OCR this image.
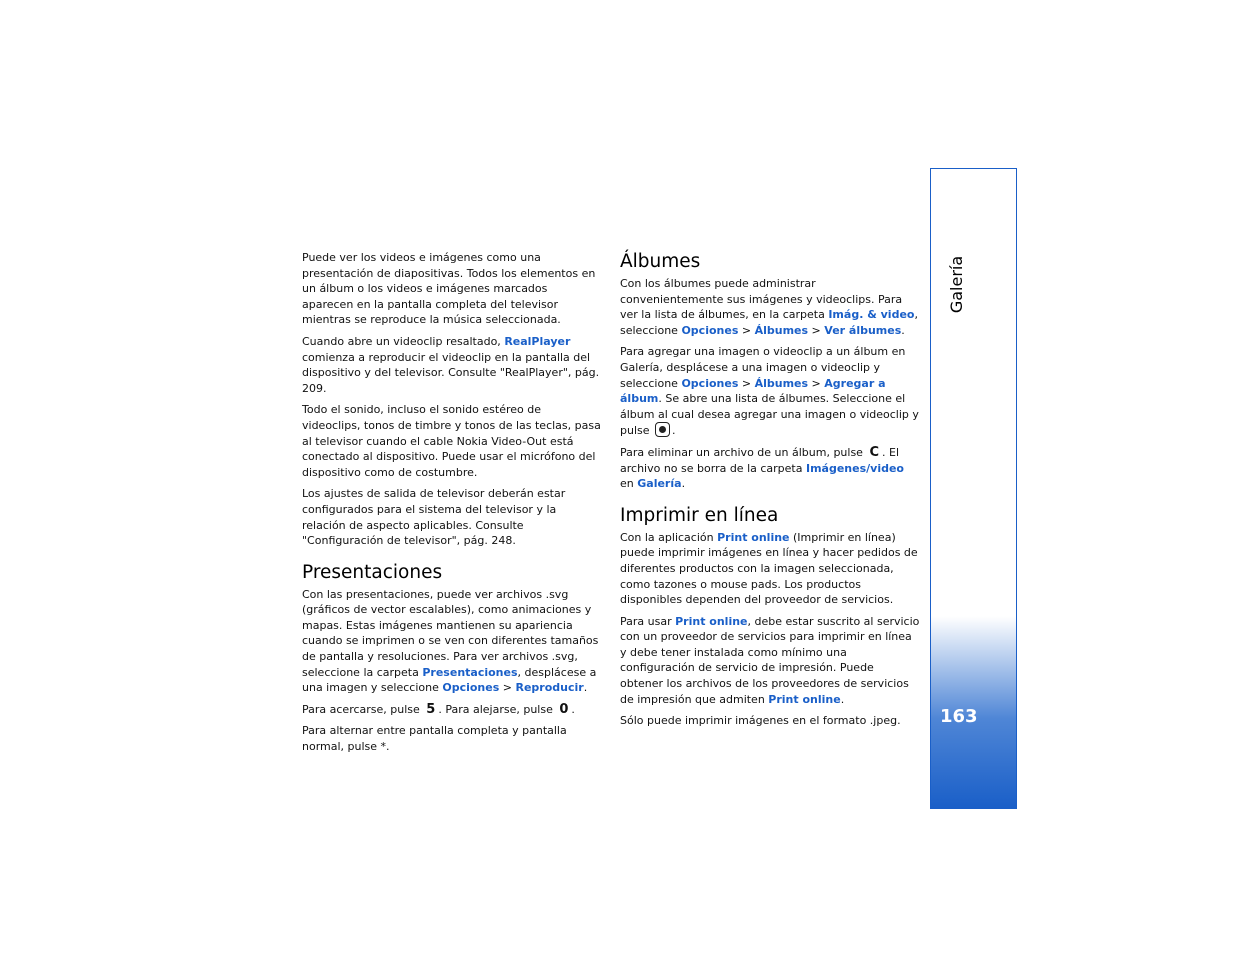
Galería
163

Puede ver los videos e imágenes como una presentación de diapositivas. Todos los elementos en un álbum o los videos e imágenes marcados aparecen en la pantalla completa del televisor mientras se reproduce la música seleccionada.

Cuando abre un videoclip resaltado, RealPlayer comienza a reproducir el videoclip en la pantalla del dispositivo y del televisor. Consulte "RealPlayer", pág. 209.

Todo el sonido, incluso el sonido estéreo de videoclips, tonos de timbre y tonos de las teclas, pasa al televisor cuando el cable Nokia Video-Out está conectado al dispositivo. Puede usar el micrófono del dispositivo como de costumbre.

Los ajustes de salida de televisor deberán estar configurados para el sistema del televisor y la relación de aspecto aplicables. Consulte "Configuración de televisor", pág. 248.

Presentaciones

Con las presentaciones, puede ver archivos .svg (gráficos de vector escalables), como animaciones y mapas. Estas imágenes mantienen su apariencia cuando se imprimen o se ven con diferentes tamaños de pantalla y resoluciones. Para ver archivos .svg, seleccione la carpeta Presentaciones, desplácese a una imagen y seleccione Opciones > Reproducir.

Para acercarse, pulse 5 . Para alejarse, pulse 0 .

Para alternar entre pantalla completa y pantalla normal, pulse *.

Álbumes

Con los álbumes puede administrar convenientemente sus imágenes y videoclips. Para ver la lista de álbumes, en la carpeta Imág. & video, seleccione Opciones > Álbumes > Ver álbumes.

Para agregar una imagen o videoclip a un álbum en Galería, desplácese a una imagen o videoclip y seleccione Opciones > Álbumes > Agregar a álbum. Se abre una lista de álbumes. Seleccione el álbum al cual desea agregar una imagen o videoclip y pulse .

Para eliminar un archivo de un álbum, pulse C . El archivo no se borra de la carpeta Imágenes/video en Galería.

Imprimir en línea

Con la aplicación Print online (Imprimir en línea) puede imprimir imágenes en línea y hacer pedidos de diferentes productos con la imagen seleccionada, como tazones o mouse pads. Los productos disponibles dependen del proveedor de servicios.

Para usar Print online, debe estar suscrito al servicio con un proveedor de servicios para imprimir en línea y debe tener instalada como mínimo una configuración de servicio de impresión. Puede obtener los archivos de los proveedores de servicios de impresión que admiten Print online.

Sólo puede imprimir imágenes en el formato .jpeg.
